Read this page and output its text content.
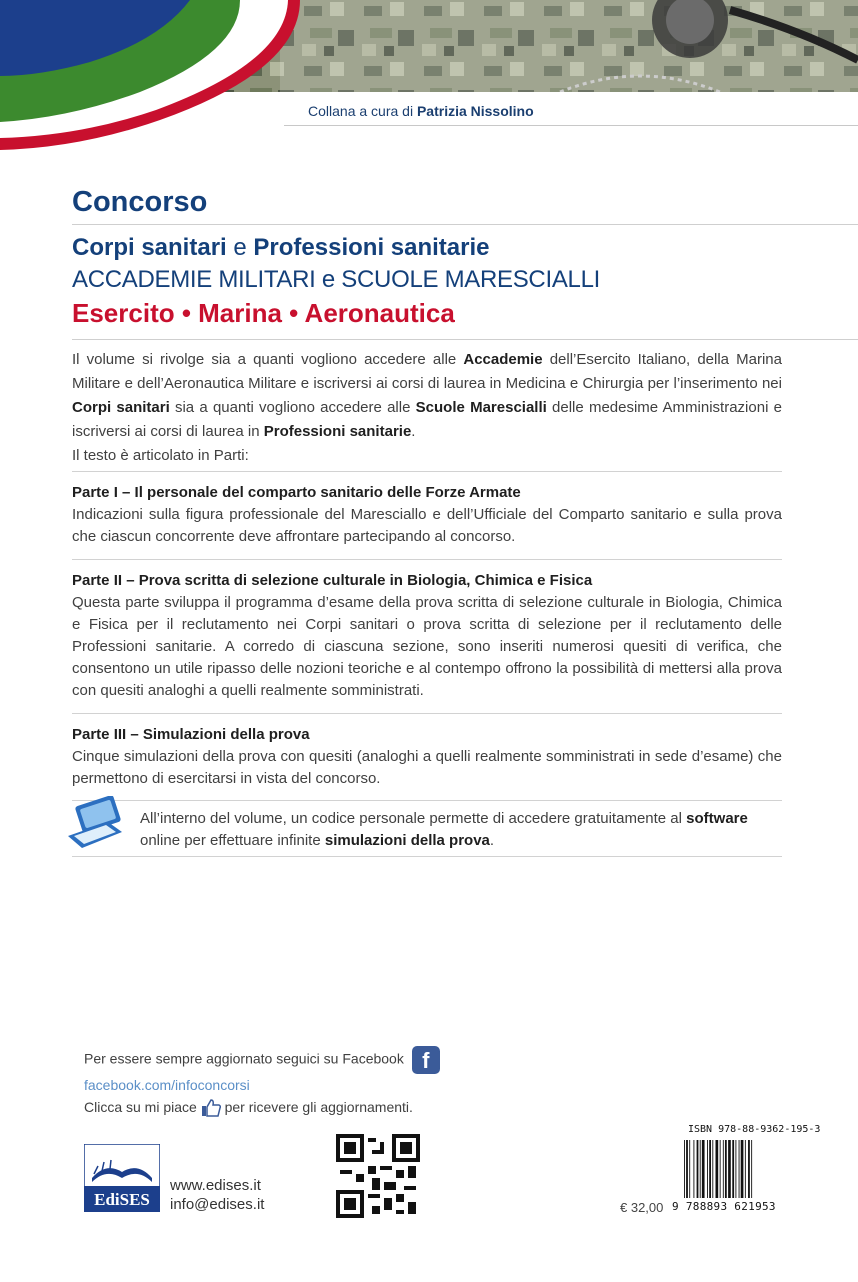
Collana a cura di Patrizia Nissolino
Concorso
Corpi sanitari e Professioni sanitarie
ACCADEMIE MILITARI e SCUOLE MARESCIALLI
Esercito • Marina • Aeronautica
Il volume si rivolge sia a quanti vogliono accedere alle Accademie dell’Esercito Italiano, della Marina Militare e dell’Aeronautica Militare e iscriversi ai corsi di laurea in Medicina e Chirurgia per l’inserimento nei Corpi sanitari sia a quanti vogliono accedere alle Scuole Marescialli delle medesime Amministrazioni e iscriversi ai corsi di laurea in Professioni sanitarie.
Il testo è articolato in Parti:
Parte I – Il personale del comparto sanitario delle Forze Armate
Indicazioni sulla figura professionale del Maresciallo e dell’Ufficiale del Comparto sanitario e sulla prova che ciascun concorrente deve affrontare partecipando al concorso.
Parte II – Prova scritta di selezione culturale in Biologia, Chimica e Fisica
Questa parte sviluppa il programma d’esame della prova scritta di selezione culturale in Biologia, Chimica e Fisica per il reclutamento nei Corpi sanitari o prova scritta di selezione per il reclutamento delle Professioni sanitarie. A corredo di ciascuna sezione, sono inseriti numerosi quesiti di verifica, che consentono un utile ripasso delle nozioni teoriche e al contempo offrono la possibilità di mettersi alla prova con quesiti analoghi a quelli realmente somministrati.
Parte III – Simulazioni della prova
Cinque simulazioni della prova con quesiti (analoghi a quelli realmente somministrati in sede d’esame) che permettono di esercitarsi in vista del concorso.
All’interno del volume, un codice personale permette di accedere gratuitamente al software online per effettuare infinite simulazioni della prova.
Per essere sempre aggiornato seguici su Facebook f
facebook.com/infoconcorsi
Clicca su mi piace per ricevere gli aggiornamenti.
EdiSES
www.edises.it
info@edises.it	€ 32,00
ISBN 978-88-9362-195-3
9 788893 621953
